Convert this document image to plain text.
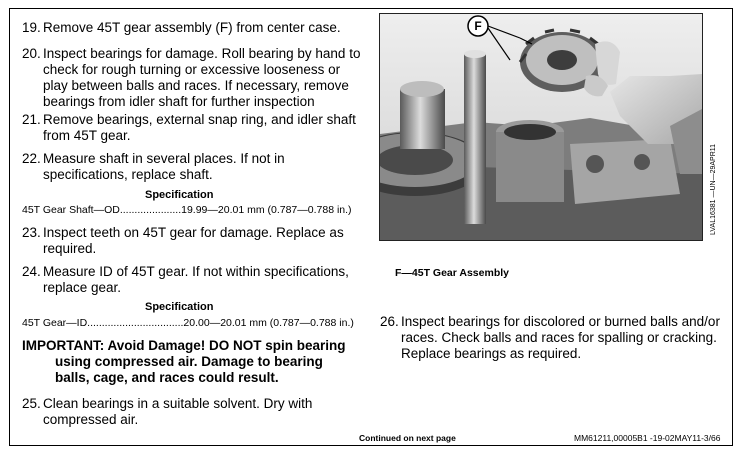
19. Remove 45T gear assembly (F) from center case.
20. Inspect bearings for damage. Roll bearing by hand to check for rough turning or excessive looseness or play between balls and races. If necessary, remove bearings from idler shaft for further inspection
21. Remove bearings, external snap ring, and idler shaft from 45T gear.
22. Measure shaft in several places. If not in specifications, replace shaft.
Specification
45T Gear Shaft—OD.....................19.99—20.01 mm (0.787—0.788 in.)
23. Inspect teeth on 45T gear for damage. Replace as required.
24. Measure ID of 45T gear. If not within specifications, replace gear.
Specification
45T Gear—ID.................................20.00—20.01 mm (0.787—0.788 in.)
IMPORTANT: Avoid Damage! DO NOT spin bearing
using compressed air. Damage to bearing
balls, cage, and races could result.
25. Clean bearings in a suitable solvent. Dry with compressed air.
F
LVAL16381 —UN—29APR11
F—45T Gear Assembly
26. Inspect bearings for discolored or burned balls and/or races. Check balls and races for spalling or cracking. Replace bearings as required.
Continued on next page	MM61211,00005B1 -19-02MAY11-3/66
